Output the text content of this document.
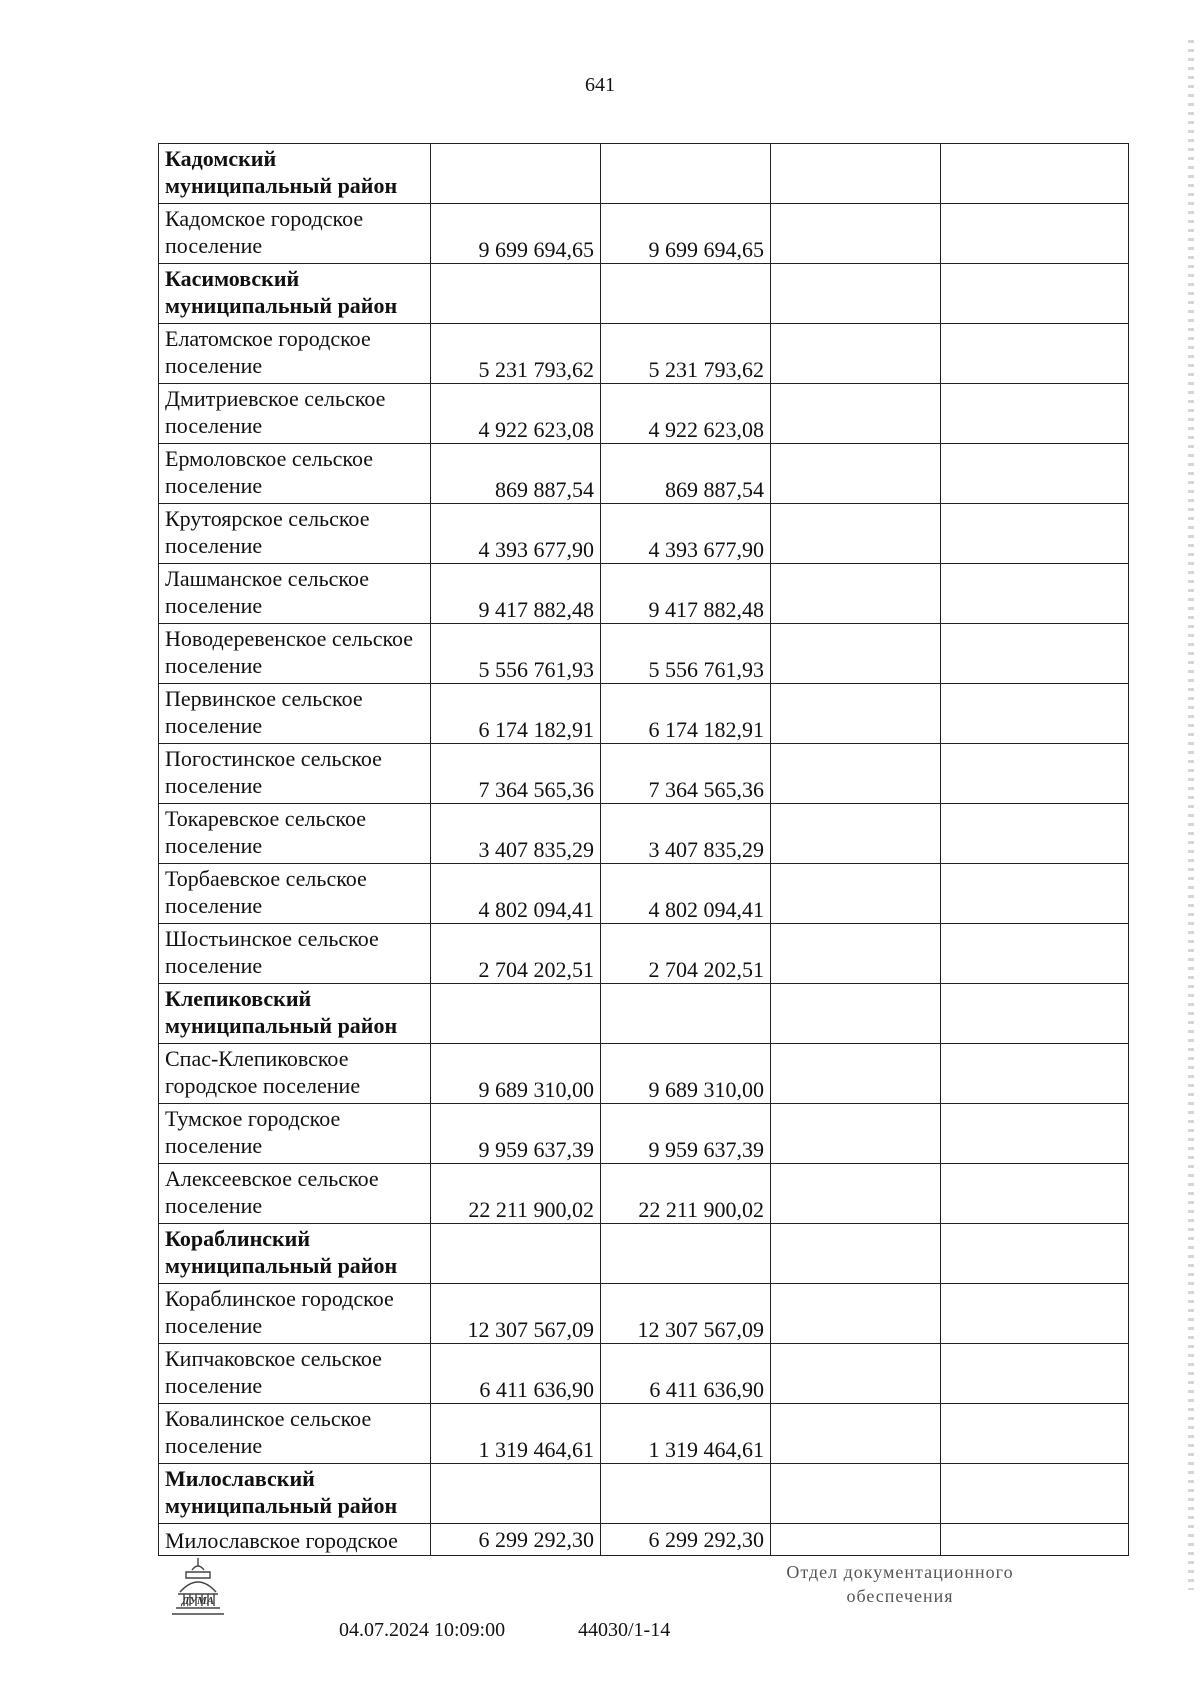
641
Кадомский муниципальный район				
Кадомское городское поселение	9 699 694,65	9 699 694,65		
Касимовский муниципальный район				
Елатомское городское поселение	5 231 793,62	5 231 793,62		
Дмитриевское сельское поселение	4 922 623,08	4 922 623,08		
Ермоловское сельское поселение	869 887,54	869 887,54		
Крутоярское сельское поселение	4 393 677,90	4 393 677,90		
Лашманское сельское поселение	9 417 882,48	9 417 882,48		
Новодеревенское сельское поселение	5 556 761,93	5 556 761,93		
Первинское сельское поселение	6 174 182,91	6 174 182,91		
Погостинское сельское поселение	7 364 565,36	7 364 565,36		
Токаревское сельское поселение	3 407 835,29	3 407 835,29		
Торбаевское сельское поселение	4 802 094,41	4 802 094,41		
Шостьинское сельское поселение	2 704 202,51	2 704 202,51		
Клепиковский муниципальный район				
Спас-Клепиковское городское поселение	9 689 310,00	9 689 310,00		
Тумское городское поселение	9 959 637,39	9 959 637,39		
Алексеевское сельское поселение	22 211 900,02	22 211 900,02		
Кораблинский муниципальный район				
Кораблинское городское поселение	12 307 567,09	12 307 567,09		
Кипчаковское сельское поселение	6 411 636,90	6 411 636,90		
Ковалинское сельское поселение	1 319 464,61	1 319 464,61		
Милославский муниципальный район				
Милославское городское	6 299 292,30	6 299 292,30		
ДУМА
04.07.2024 10:09:00	44030/1-14
Отдел документационного
обеспечения
